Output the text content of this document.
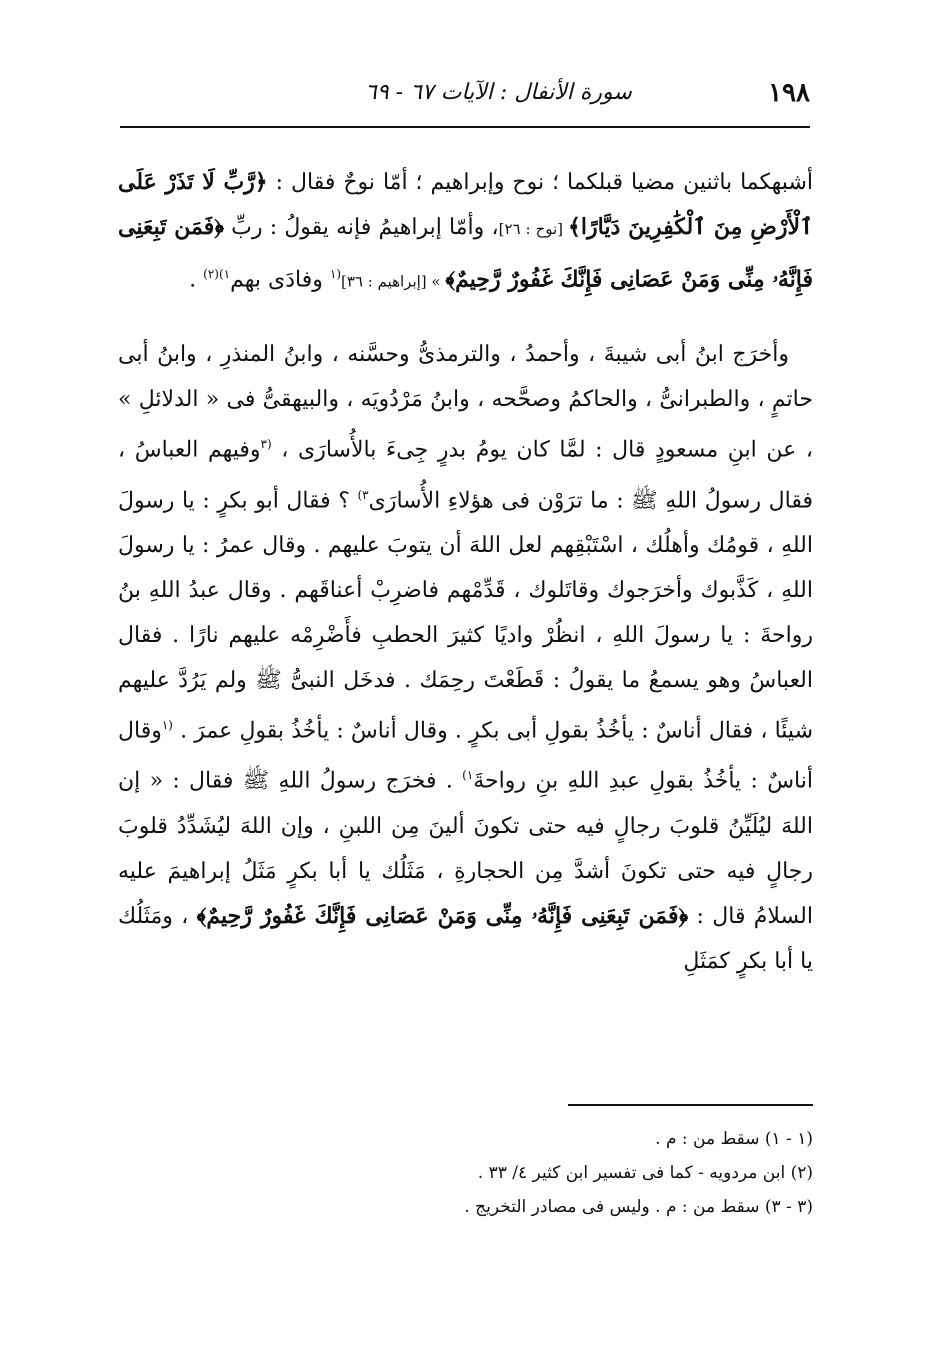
١٩٨
سورة الأنفال : الآيات ٦٧ - ٦٩

أشبهكما باثنين مضيا قبلكما ؛ نوح وإبراهيم ؛ أمّا نوحٌ فقال : ﴿رَّبِّ لَا تَذَرْ عَلَى ٱلْأَرْضِ مِنَ ٱلْكَٰفِرِينَ دَيَّارًا﴾ [نوح : ٢٦]، وأمّا إبراهيمُ فإنه يقولُ : ربِّ ﴿فَمَن تَبِعَنِى فَإِنَّهُۥ مِنِّى وَمَنْ عَصَانِى فَإِنَّكَ غَفُورٌ رَّحِيمٌ﴾ » [إبراهيم : ٣٦]$^{(١}$ وفادَى بهم$^{١)(٢)}$ .

وأخرَج ابنُ أبى شيبةَ ، وأحمدُ ، والترمذىُّ وحسَّنه ، وابنُ المنذرِ ، وابنُ أبى حاتمٍ ، والطبرانىُّ ، والحاكمُ وصحَّحه ، وابنُ مَرْدُويَه ، والبيهقىُّ فى « الدلائلِ » ، عن ابنِ مسعودٍ قال : لمَّا كان يومُ بدرٍ جِىءَ بالأُسارَى ، $^{(٣}$وفيهم العباسُ ، فقال رسولُ اللهِ ﷺ : ما ترَوْن فى هؤلاءِ الأُسارَى$^{٣)}$ ؟ فقال أبو بكرٍ : يا رسولَ اللهِ ، قومُك وأهلُك ، اسْتَبْقِهم لعل اللهَ أن يتوبَ عليهم . وقال عمرُ : يا رسولَ اللهِ ، كَذَّبوك وأخرَجوك وقاتَلوك ، قَدِّمْهم فاضرِبْ أعناقَهم . وقال عبدُ اللهِ بنُ رواحةَ : يا رسولَ اللهِ ، انظُرْ واديًا كثيرَ الحطبِ فأَضْرِمْه عليهم نارًا . فقال العباسُ وهو يسمعُ ما يقولُ : قَطَعْتَ رحِمَك . فدخَل النبىُّ ﷺ ولم يَرُدَّ عليهم شيئًا ، فقال أناسٌ : يأخُذُ بقولِ أبى بكرٍ . وقال أناسٌ : يأخُذُ بقولِ عمرَ . $^{(١}$وقال أناسٌ : يأخُذُ بقولِ عبدِ اللهِ بنِ رواحةَ$^{١)}$ . فخرَج رسولُ اللهِ ﷺ فقال : « إن اللهَ ليُلَيِّنُ قلوبَ رجالٍ فيه حتى تكونَ ألينَ مِن اللبنِ ، وإن اللهَ ليُشَدِّدُ قلوبَ رجالٍ فيه حتى تكونَ أشدَّ مِن الحجارةِ ، مَثَلُك يا أبا بكرٍ مَثَلُ إبراهيمَ عليه السلامُ قال : ﴿فَمَن تَبِعَنِى فَإِنَّهُۥ مِنِّى وَمَنْ عَصَانِى فَإِنَّكَ غَفُورٌ رَّحِيمٌ﴾ ، ومَثَلُك يا أبا بكرٍ كمَثَلِ

(١ - ١) سقط من : م .

(٢) ابن مردويه - كما فى تفسير ابن كثير ٤/ ٣٣ .

(٣ - ٣) سقط من : م . وليس فى مصادر التخريج .
